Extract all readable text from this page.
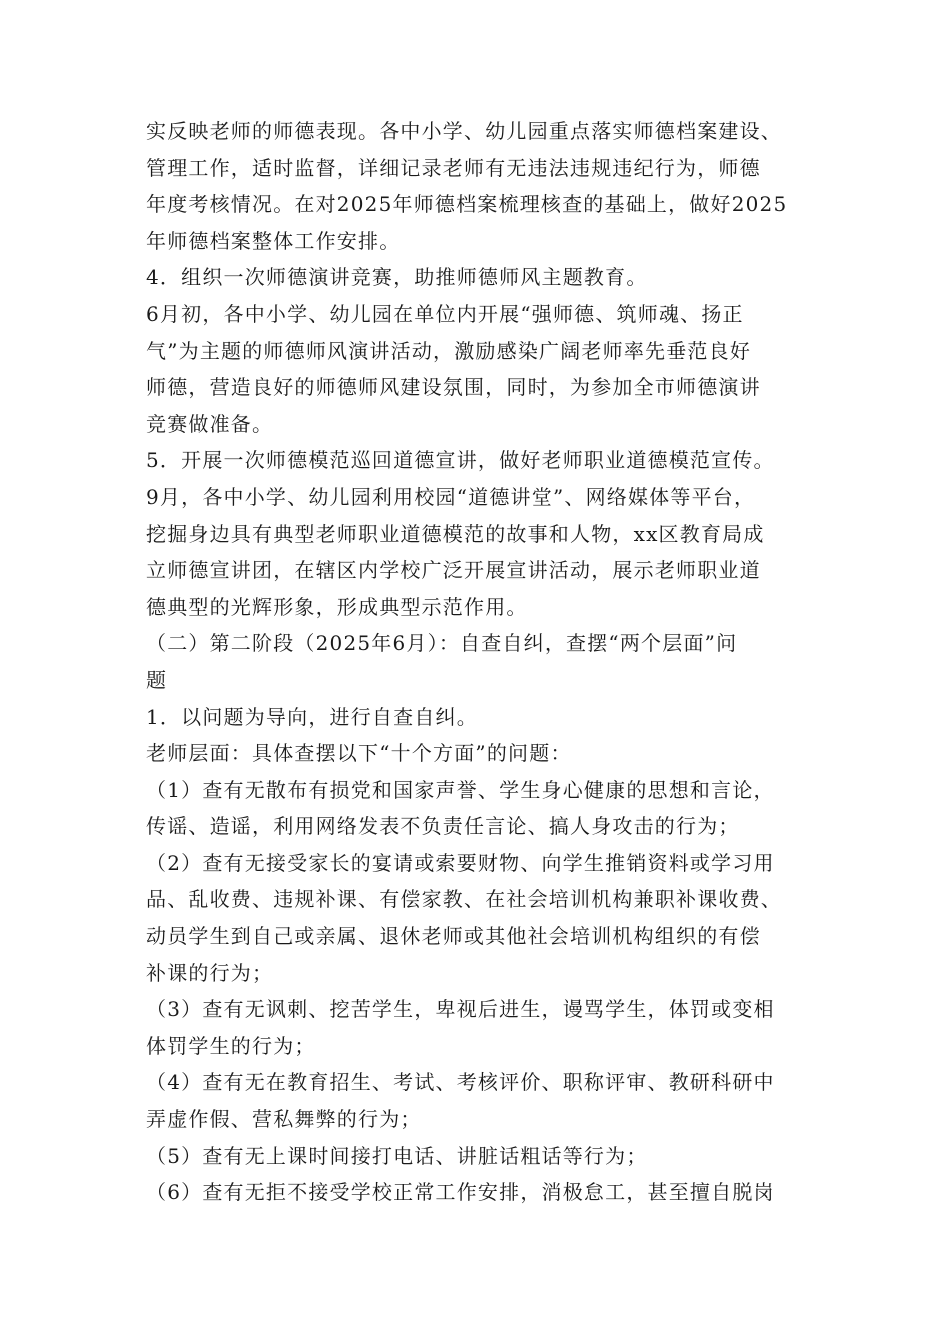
实反映老师的师德表现。各中小学、幼儿园重点落实师德档案建设、
管理工作，适时监督，详细记录老师有无违法违规违纪行为，师德
年度考核情况。在对2025年师德档案梳理核查的基础上，做好2025
年师德档案整体工作安排。
4．组织一次师德演讲竞赛，助推师德师风主题教育。
6月初，各中小学、幼儿园在单位内开展“强师德、筑师魂、扬正
气”为主题的师德师风演讲活动，激励感染广阔老师率先垂范良好
师德，营造良好的师德师风建设氛围，同时，为参加全市师德演讲
竞赛做准备。
5．开展一次师德模范巡回道德宣讲，做好老师职业道德模范宣传。
9月，各中小学、幼儿园利用校园“道德讲堂”、网络媒体等平台，
挖掘身边具有典型老师职业道德模范的故事和人物，xx区教育局成
立师德宣讲团，在辖区内学校广泛开展宣讲活动，展示老师职业道
德典型的光辉形象，形成典型示范作用。
（二）第二阶段（2025年6月）：自查自纠，查摆“两个层面”问
题
1．以问题为导向，进行自查自纠。
老师层面：具体查摆以下“十个方面”的问题：
（1）查有无散布有损党和国家声誉、学生身心健康的思想和言论，
传谣、造谣，利用网络发表不负责任言论、搞人身攻击的行为；
（2）查有无接受家长的宴请或索要财物、向学生推销资料或学习用
品、乱收费、违规补课、有偿家教、在社会培训机构兼职补课收费、
动员学生到自己或亲属、退休老师或其他社会培训机构组织的有偿
补课的行为；
（3）查有无讽刺、挖苦学生，卑视后进生，谩骂学生，体罚或变相
体罚学生的行为；
（4）查有无在教育招生、考试、考核评价、职称评审、教研科研中
弄虚作假、营私舞弊的行为；
（5）查有无上课时间接打电话、讲脏话粗话等行为；
（6）查有无拒不接受学校正常工作安排，消极怠工，甚至擅自脱岗
